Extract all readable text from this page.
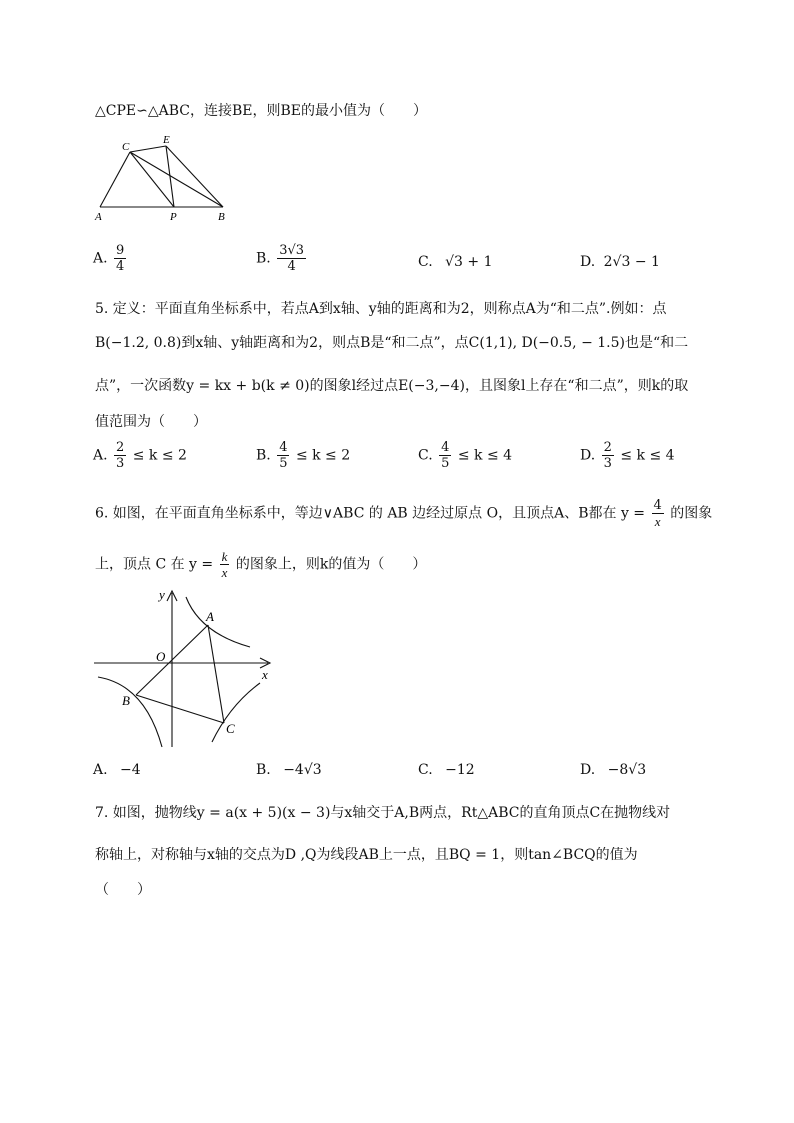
△CPE∽△ABC，连接BE，则BE的最小值为（　　）
C
E
A	P	B
A. $\frac{9}{4}$	B. $\frac{3√3}{4}$	C. √3 + 1	D. 2√3 − 1
5. 定义：平面直角坐标系中，若点A到x轴、y轴的距离和为2，则称点A为“和二点”.例如：点
B(−1.2, 0.8)到x轴、y轴距离和为2，则点B是“和二点”，点C(1,1), D(−0.5, − 1.5)也是“和二
点”，一次函数y = kx + b(k ≠ 0)的图象l经过点E(−3,−4)，且图象l上存在“和二点”，则k的取
值范围为（　　）
A. $\frac{2}{3} \le k \le 2$	B. $\frac{4}{5} \le k \le 2$	C. $\frac{4}{5} \le k \le 4$	D. $\frac{2}{3} \le k \le 4$
6. 如图，在平面直角坐标系中，等边∨ABC 的 AB 边经过原点 O，且顶点A、B都在 $y = \frac{4}{x}$ 的图象
上，顶点 C 在 $y = \frac{k}{x}$ 的图象上，则k的值为（　　）
y
x
O
A
B
C
A. −4	B. −4√3	C. −12	D. −8√3
7. 如图，抛物线y = a(x + 5)(x − 3)与x轴交于A,B两点，Rt△ABC的直角顶点C在抛物线对
称轴上，对称轴与x轴的交点为D ,Q为线段AB上一点，且BQ = 1，则tan∠BCQ的值为
（　　）
